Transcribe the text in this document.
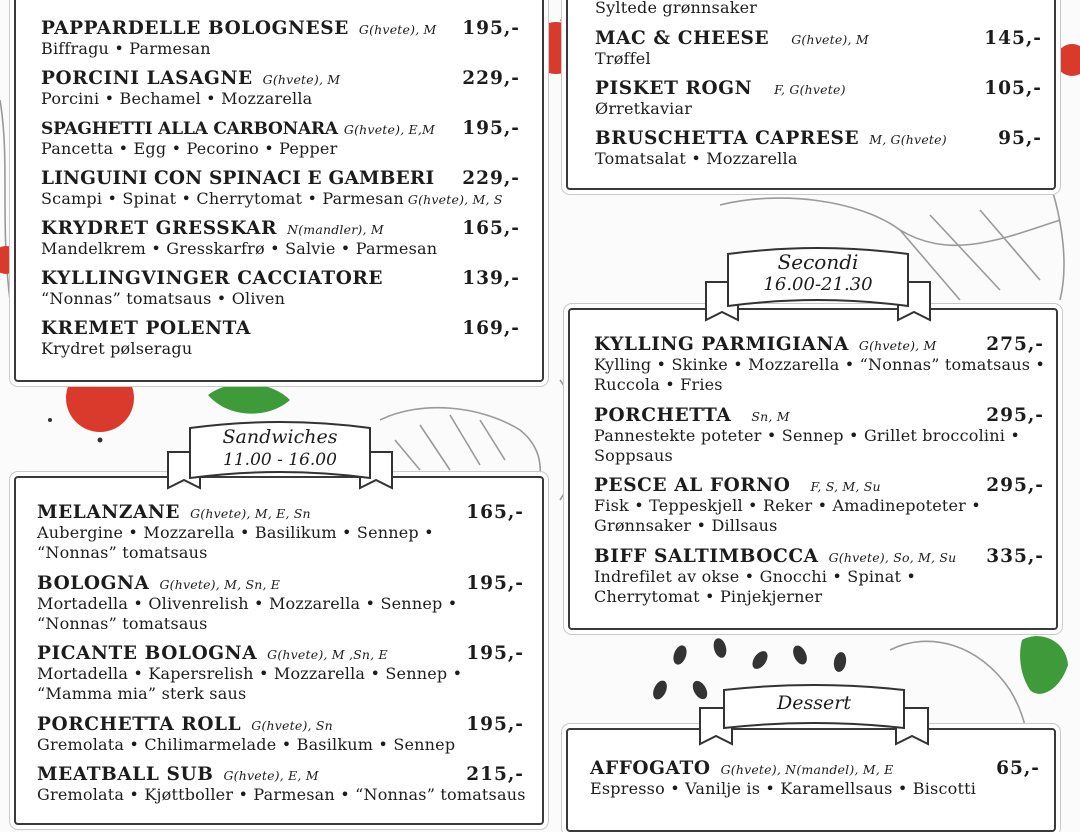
PAPPARDELLE BOLOGNESE G(hvete), M 195,-
Biffragu • Parmesan
PORCINI LASAGNE G(hvete), M	229,-
Porcini • Bechamel • Mozzarella
SPAGHETTI ALLA CARBONARA G(hvete), E,M 195,-
Pancetta • Egg • Pecorino • Pepper
LINGUINI CON SPINACI E GAMBERI 229,-
Scampi • Spinat • Cherrytomat • Parmesan G(hvete), M, S
KRYDRET GRESSKAR N(mandler), M	165,-
Mandelkrem • Gresskarfrø • Salvie • Parmesan
KYLLINGVINGER CACCIATORE	139,-
“Nonnas” tomatsaus • Oliven
KREMET POLENTA	169,-
Krydret pølseragu
Syltede grønnsaker
MAC & CHEESE G(hvete), M	145,-
Trøffel
PISKET ROGN F, G(hvete)	105,-
Ørretkaviar
BRUSCHETTA CAPRESE M, G(hvete)	95,-
Tomatsalat • Mozzarella
MELANZANE G(hvete), M, E, Sn	165,-
Aubergine • Mozzarella • Basilikum • Sennep •
“Nonnas” tomatsaus
BOLOGNA G(hvete), M, Sn, E	195,-
Mortadella • Olivenrelish • Mozzarella • Sennep •
“Nonnas” tomatsaus
PICANTE BOLOGNA G(hvete), M ,Sn, E	195,-
Mortadella • Kapersrelish • Mozzarella • Sennep •
“Mamma mia” sterk saus
PORCHETTA ROLL G(hvete), Sn	195,-
Gremolata • Chilimarmelade • Basilkum • Sennep
MEATBALL SUB G(hvete), E, M	215,-
Gremolata • Kjøttboller • Parmesan • “Nonnas” tomatsaus
KYLLING PARMIGIANA G(hvete), M	275,-
Kylling • Skinke • Mozzarella • “Nonnas” tomatsaus •
Ruccola • Fries
PORCHETTA Sn, M	295,-
Pannestekte poteter • Sennep • Grillet broccolini •
Soppsaus
PESCE AL FORNO F, S, M, Su	295,-
Fisk • Teppeskjell • Reker • Amadinepoteter •
Grønnsaker • Dillsaus
BIFF SALTIMBOCCA G(hvete), So, M, Su 335,-
Indrefilet av okse • Gnocchi • Spinat •
Cherrytomat • Pinjekjerner
AFFOGATO G(hvete), N(mandel), M, E	65,-
Espresso • Vanilje is • Karamellsaus • Biscotti
Sandwiches
11.00 - 16.00
Secondi
16.00-21.30
Dessert
